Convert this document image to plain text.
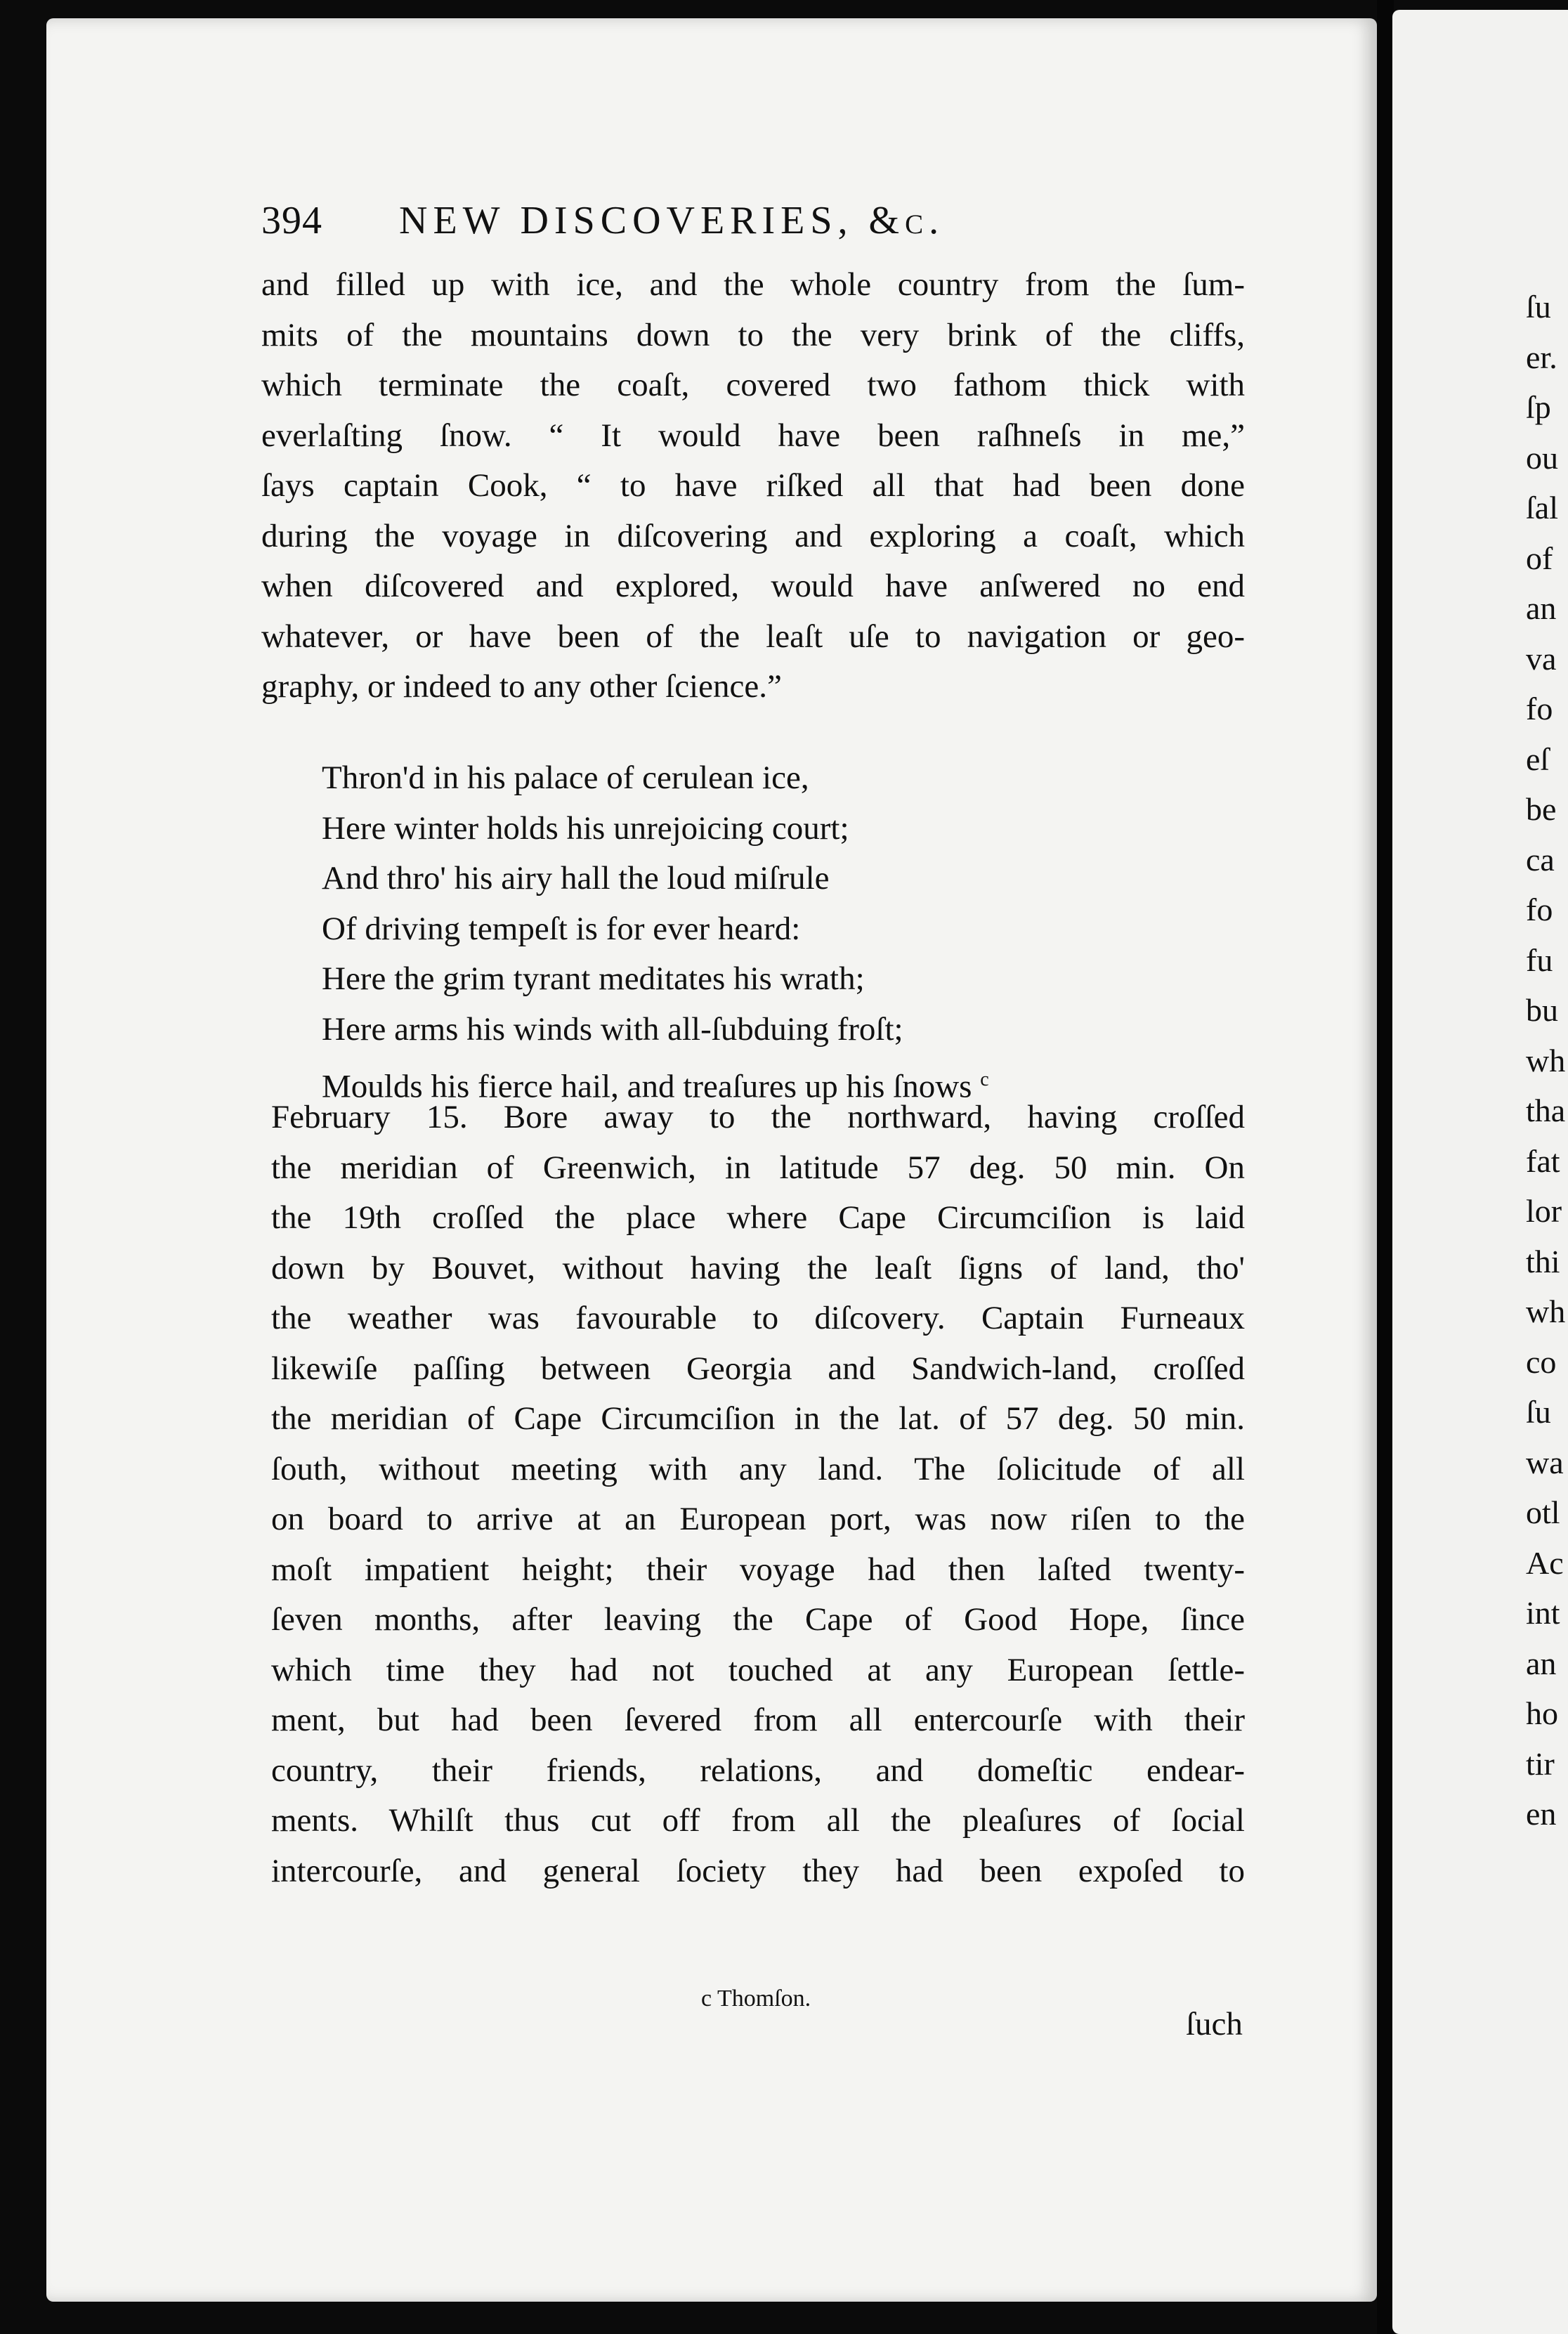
ſu
er.
ſp
ou
ſal
of
an
va
fo
eſ
be
ca
fo
fu
bu
wh
tha
fat
lor
thi
wh
co
ſu
wa
otl
Ac
int
an
ho
tir
en
394 NEW DISCOVERIES, &c.
and filled up with ice, and the whole country from the ſum-
mits of the mountains down to the very brink of the cliffs,
which terminate the coaſt, covered two fathom thick with
everlaſting ſnow. “ It would have been raſhneſs in me,”
ſays captain Cook, “ to have riſked all that had been done
during the voyage in diſcovering and exploring a coaſt, which
when diſcovered and explored, would have anſwered no end
whatever, or have been of the leaſt uſe to navigation or geo-
graphy, or indeed to any other ſcience.”
Thron'd in his palace of cerulean ice,
Here winter holds his unrejoicing court;
And thro' his airy hall the loud miſrule
Of driving tempeſt is for ever heard:
Here the grim tyrant meditates his wrath;
Here arms his winds with all-ſubduing froſt;
Moulds his fierce hail, and treaſures up his ſnows $^c$
February 15. Bore away to the northward, having croſſed
the meridian of Greenwich, in latitude 57 deg. 50 min. On
the 19th croſſed the place where Cape Circumciſion is laid
down by Bouvet, without having the leaſt ſigns of land, tho'
the weather was favourable to diſcovery. Captain Furneaux
likewiſe paſſing between Georgia and Sandwich-land, croſſed
the meridian of Cape Circumciſion in the lat. of 57 deg. 50 min.
ſouth, without meeting with any land. The ſolicitude of all
on board to arrive at an European port, was now riſen to the
moſt impatient height; their voyage had then laſted twenty-
ſeven months, after leaving the Cape of Good Hope, ſince
which time they had not touched at any European ſettle-
ment, but had been ſevered from all entercourſe with their
country, their friends, relations, and domeſtic endear-
ments. Whilſt thus cut off from all the pleaſures of ſocial
intercourſe, and general ſociety they had been expoſed to
c Thomſon.
ſuch
